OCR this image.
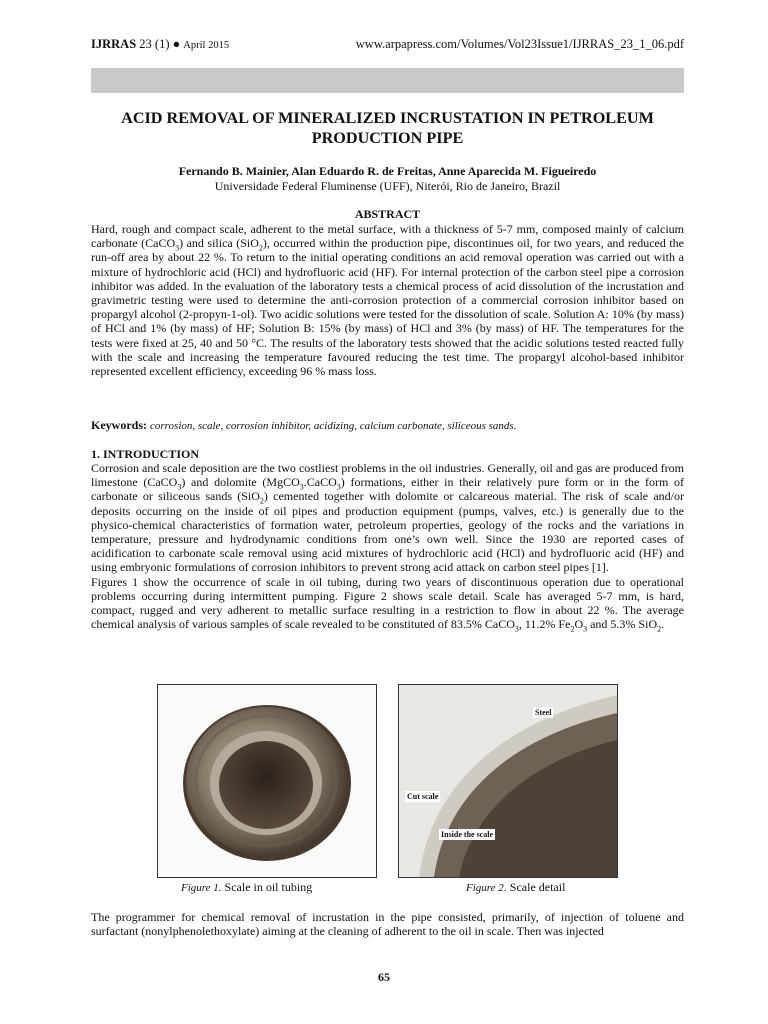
IJRRAS 23 (1) ● April 2015	www.arpapress.com/Volumes/Vol23Issue1/IJRRAS_23_1_06.pdf
ACID REMOVAL OF MINERALIZED INCRUSTATION IN PETROLEUM PRODUCTION PIPE
Fernando B. Mainier, Alan Eduardo R. de Freitas, Anne Aparecida M. Figueiredo
Universidade Federal Fluminense (UFF), Niterói, Rio de Janeiro, Brazil
ABSTRACT

Hard, rough and compact scale, adherent to the metal surface, with a thickness of 5-7 mm, composed mainly of calcium carbonate (CaCO$_3$) and silica (SiO$_2$), occurred within the production pipe, discontinues oil, for two years, and reduced the run-off area by about 22 %. To return to the initial operating conditions an acid removal operation was carried out with a mixture of hydrochloric acid (HCl) and hydrofluoric acid (HF). For internal protection of the carbon steel pipe a corrosion inhibitor was added. In the evaluation of the laboratory tests a chemical process of acid dissolution of the incrustation and gravimetric testing were used to determine the anti-corrosion protection of a commercial corrosion inhibitor based on propargyl alcohol (2-propyn-1-ol). Two acidic solutions were tested for the dissolution of scale. Solution A: 10% (by mass) of HCl and 1% (by mass) of HF; Solution B: 15% (by mass) of HCl and 3% (by mass) of HF. The temperatures for the tests were fixed at 25, 40 and 50 °C. The results of the laboratory tests showed that the acidic solutions tested reacted fully with the scale and increasing the temperature favoured reducing the test time. The propargyl alcohol-based inhibitor represented excellent efficiency, exceeding 96 % mass loss.

Keywords: corrosion, scale, corrosion inhibitor, acidizing, calcium carbonate, siliceous sands.
1. INTRODUCTION

Corrosion and scale deposition are the two costliest problems in the oil industries. Generally, oil and gas are produced from limestone (CaCO$_3$) and dolomite (MgCO$_3$.CaCO$_3$) formations, either in their relatively pure form or in the form of carbonate or siliceous sands (SiO$_2$) cemented together with dolomite or calcareous material. The risk of scale and/or deposits occurring on the inside of oil pipes and production equipment (pumps, valves, etc.) is generally due to the physico-chemical characteristics of formation water, petroleum properties, geology of the rocks and the variations in temperature, pressure and hydrodynamic conditions from one’s own well. Since the 1930 are reported cases of acidification to carbonate scale removal using acid mixtures of hydrochloric acid (HCl) and hydrofluoric acid (HF) and using embryonic formulations of corrosion inhibitors to prevent strong acid attack on carbon steel pipes [1].

Figures 1 show the occurrence of scale in oil tubing, during two years of discontinuous operation due to operational problems occurring during intermittent pumping. Figure 2 shows scale detail. Scale has averaged 5-7 mm, is hard, compact, rugged and very adherent to metallic surface resulting in a restriction to flow in about 22 %. The average chemical analysis of various samples of scale revealed to be constituted of 83.5% CaCO$_3$, 11.2% $Fe_2O_3$ and 5.3% SiO$_2$.

Steel
Cut scale
Inside the scale
Figure 1. Scale in oil tubing	Figure 2. Scale detail

The programmer for chemical removal of incrustation in the pipe consisted, primarily, of injection of toluene and surfactant (nonylphenolethoxylate) aiming at the cleaning of adherent to the oil in scale. Then was injected

65
